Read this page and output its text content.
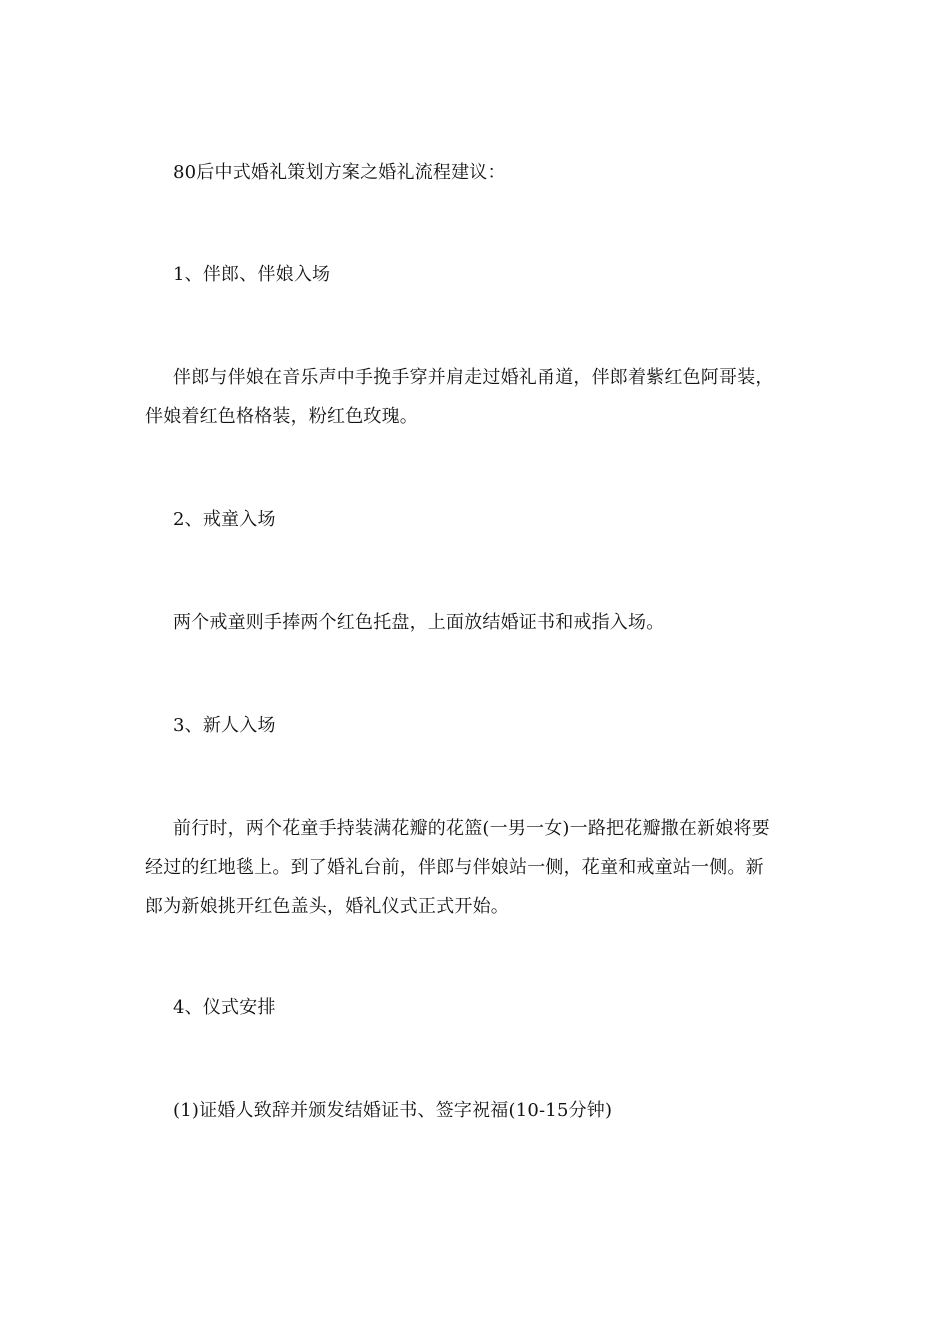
80后中式婚礼策划方案之婚礼流程建议：
1、伴郎、伴娘入场
伴郎与伴娘在音乐声中手挽手穿并肩走过婚礼甬道，伴郎着紫红色阿哥装，
伴娘着红色格格装，粉红色玫瑰。
2、戒童入场
两个戒童则手捧两个红色托盘，上面放结婚证书和戒指入场。
3、新人入场
前行时，两个花童手持装满花瓣的花篮(一男一女)一路把花瓣撒在新娘将要
经过的红地毯上。到了婚礼台前，伴郎与伴娘站一侧，花童和戒童站一侧。新
郎为新娘挑开红色盖头，婚礼仪式正式开始。
4、仪式安排
(1)证婚人致辞并颁发结婚证书、签字祝福(10-15分钟)
